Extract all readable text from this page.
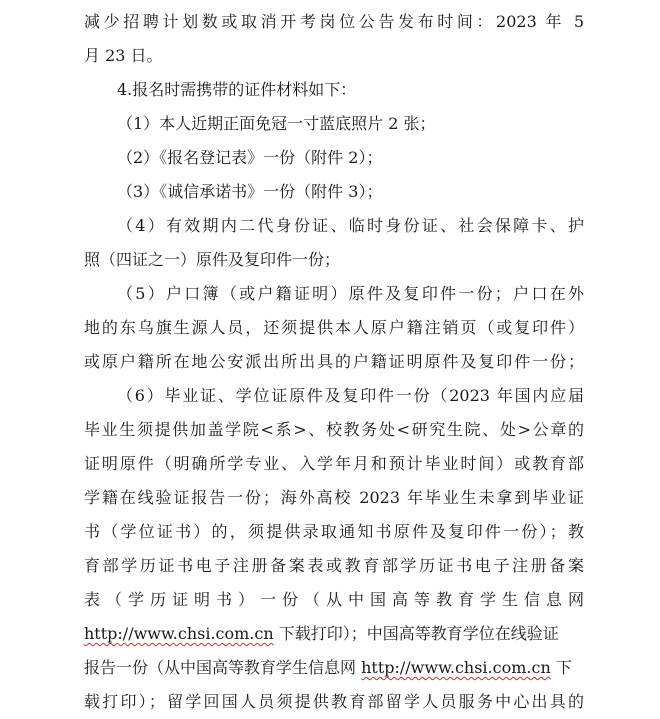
减少招聘计划数或取消开考岗位公告发布时间：2023 年 5
月 23 日。
4.报名时需携带的证件材料如下：
（1）本人近期正面免冠一寸蓝底照片 2 张；
（2）《报名登记表》一份（附件 2）；
（3）《诚信承诺书》一份（附件 3）；
（4）有效期内二代身份证、临时身份证、社会保障卡、护
照（四证之一）原件及复印件一份；
（5）户口簿（或户籍证明）原件及复印件一份；户口在外
地的东乌旗生源人员，还须提供本人原户籍注销页（或复印件）
或原户籍所在地公安派出所出具的户籍证明原件及复印件一份；
（6）毕业证、学位证原件及复印件一份（2023 年国内应届
毕业生须提供加盖学院<系>、校教务处<研究生院、处>公章的
证明原件（明确所学专业、入学年月和预计毕业时间）或教育部
学籍在线验证报告一份；海外高校 2023 年毕业生未拿到毕业证
书（学位证书）的，须提供录取通知书原件及复印件一份）；教
育部学历证书电子注册备案表或教育部学历证书电子注册备案
表（学历证明书）一份（从中国高等教育学生信息网
http://www.chsi.com.cn 下载打印）；中国高等教育学位在线验证
报告一份（从中国高等教育学生信息网 http://www.chsi.com.cn 下
载打印）；留学回国人员须提供教育部留学人员服务中心出具的
